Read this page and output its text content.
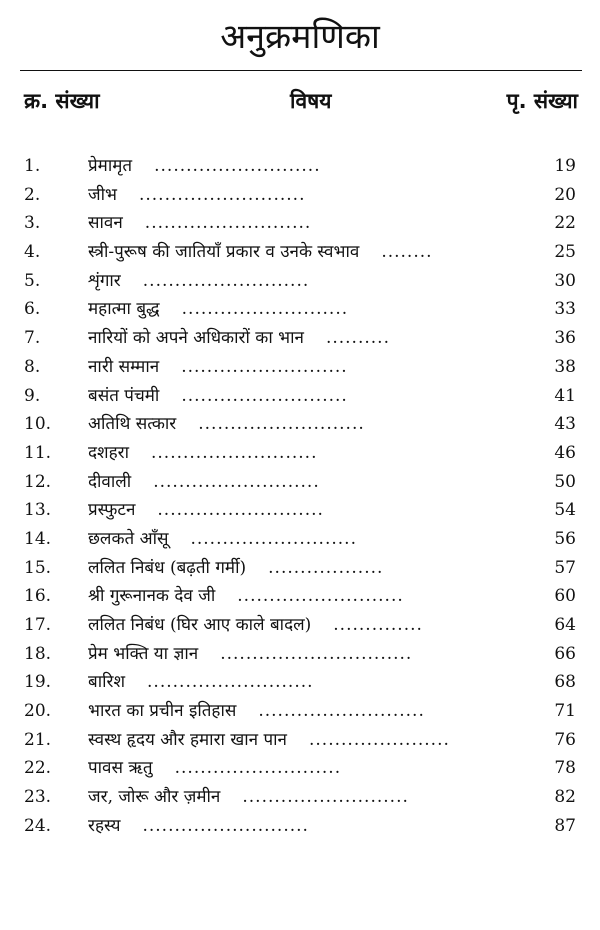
अनुक्रमणिका
क्र. संख्या	विषय	पृ. संख्या
1.	प्रेमामृत ..........................	19
2.	जीभ ..........................	20
3.	सावन ..........................	22
4.	स्त्री-पुरूष की जातियाँ प्रकार व उनके स्वभाव ........	25
5.	शृंगार ..........................	30
6.	महात्मा बुद्ध ..........................	33
7.	नारियों को अपने अधिकारों का भान ..........	36
8.	नारी सम्मान ..........................	38
9.	बसंत पंचमी ..........................	41
10. अतिथि सत्कार ..........................	43
11. दशहरा ..........................	46
12. दीवाली ..........................	50
13. प्रस्फुटन ..........................	54
14. छलकते आँसू ..........................	56
15. ललित निबंध (बढ़ती गर्मी) ..................	57
16. श्री गुरूनानक देव जी ..........................	60
17. ललित निबंध (घिर आए काले बादल) ..............	64
18. प्रेम भक्ति या ज्ञान ..............................	66
19. बारिश ..........................	68
20. भारत का प्रचीन इतिहास ..........................	71
21. स्वस्थ हृदय और हमारा खान पान ......................	76
22. पावस ऋतु ..........................	78
23. जर, जोरू और ज़मीन ..........................	82
24. रहस्य ..........................	87
